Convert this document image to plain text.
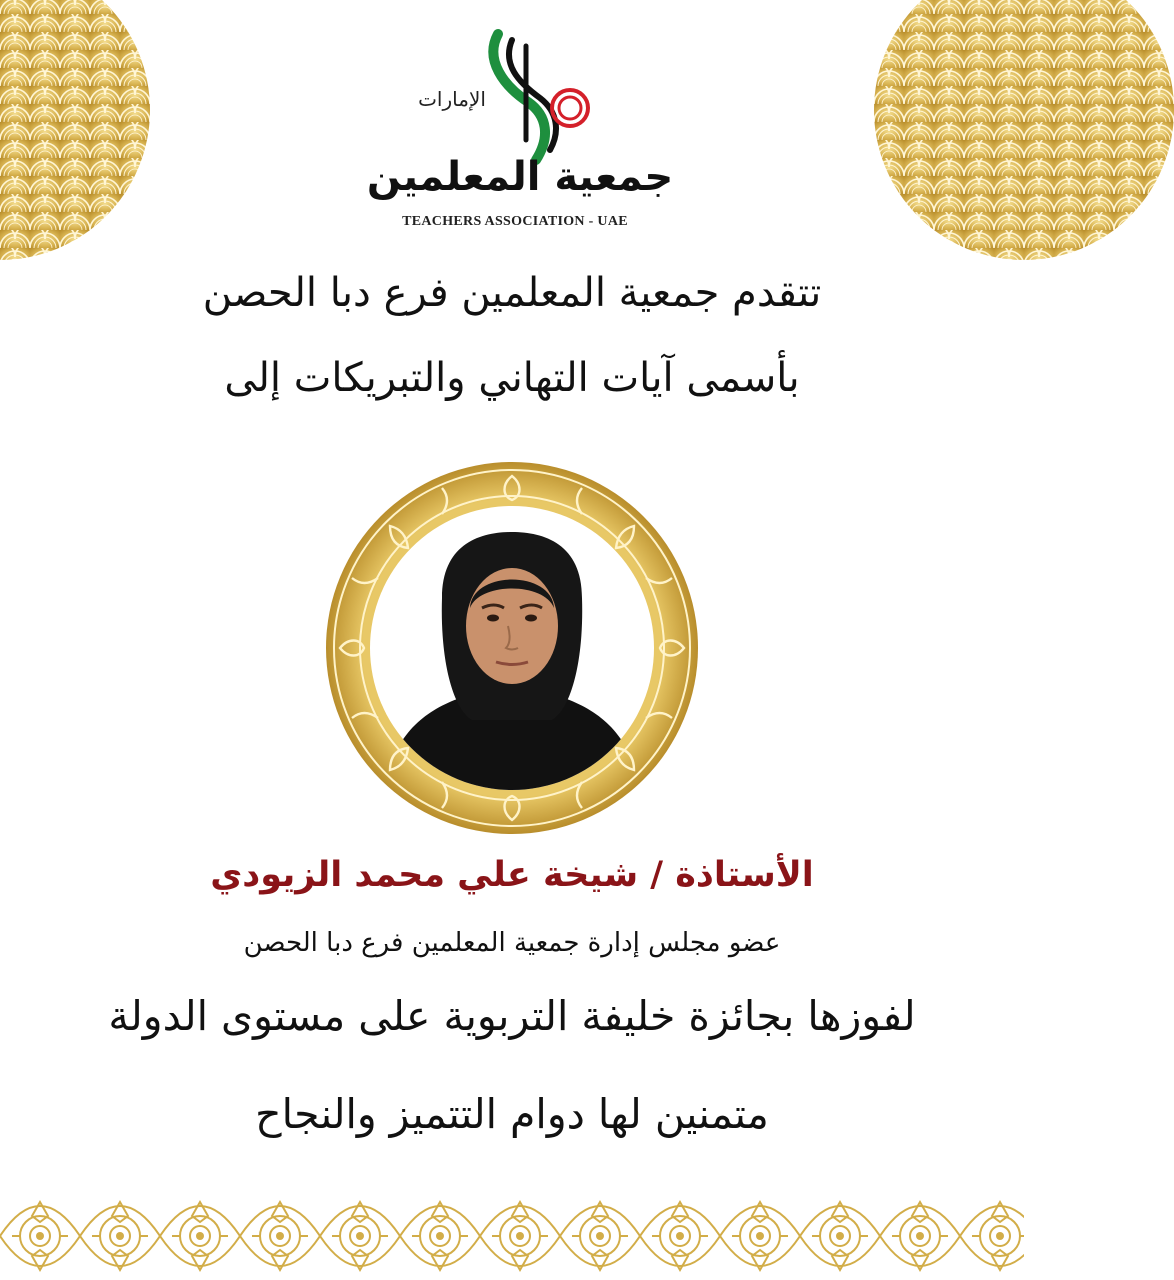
الإمارات
جمعية المعلمين
TEACHERS ASSOCIATION - UAE
تتقدم جمعية المعلمين فرع دبا الحصن
بأسمى آيات التهاني والتبريكات إلى
الأستاذة / شيخة علي محمد الزيودي
عضو مجلس إدارة جمعية المعلمين فرع دبا الحصن
لفوزها بجائزة خليفة التربوية على مستوى الدولة
متمنين لها دوام التتميز والنجاح
